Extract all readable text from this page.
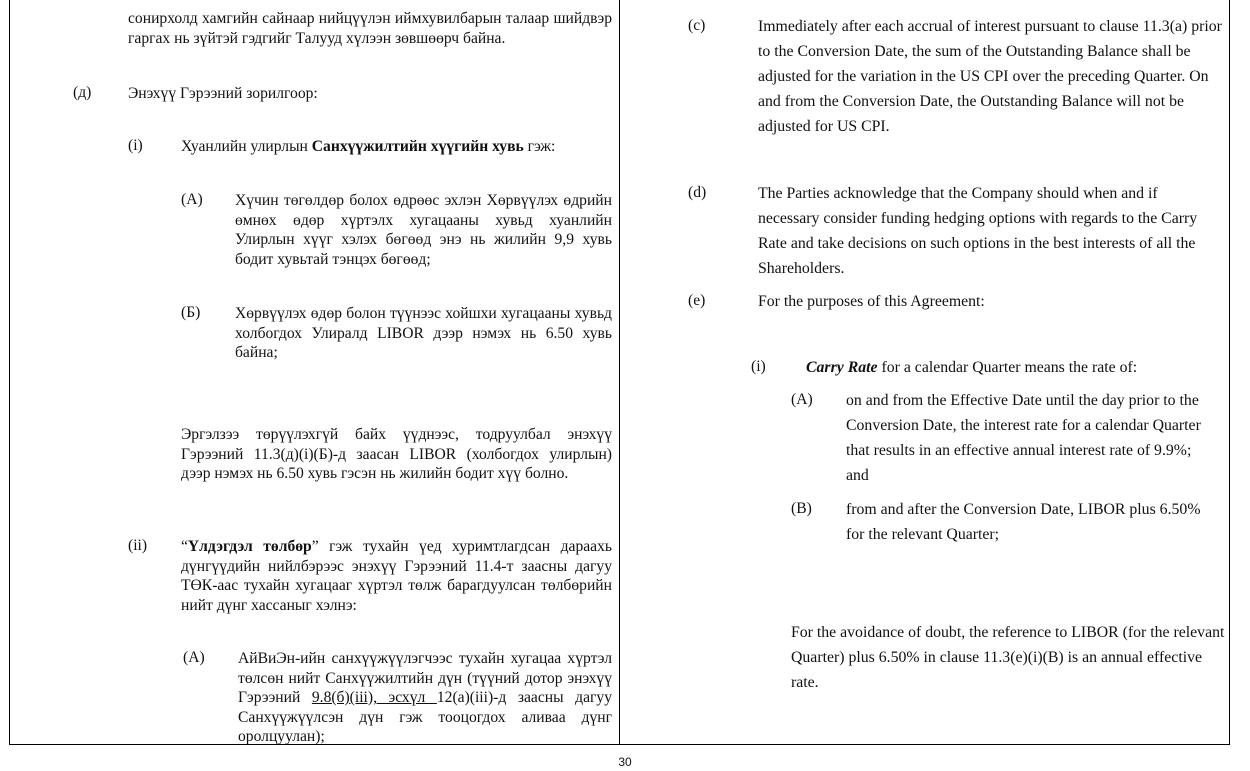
сонирхолд хамгийн сайнаар нийцүүлэн иймхувилбарын талаар шийдвэр гаргах нь зүйтэй гэдгийг Талууд хүлээн зөвшөөрч байна.
(д) Энэхүү Гэрээний зорилгоор:
(i) Хуанлийн улирлын Санхүүжилтийн хүүгийн хувь гэж:
(A) Хүчин төгөлдөр болох өдрөөс эхлэн Хөрвүүлэх өдрийн өмнөх өдөр хүртэлх хугацааны хувьд хуанлийн Улирлын хүүг хэлэх бөгөөд энэ нь жилийн 9,9 хувь бодит хувьтай тэнцэх бөгөөд;
(Б) Хөрвүүлэх өдөр болон түүнээс хойшхи хугацааны хувьд холбогдох Улиралд LIBOR дээр нэмэх нь 6.50 хувь байна;
Эргэлзээ төрүүлэхгүй байх үүднээс, тодруулбал энэхүү Гэрээний 11.3(д)(i)(Б)-д заасан LIBOR (холбогдох улирлын) дээр нэмэх нь 6.50 хувь гэсэн нь жилийн бодит хүү болно.
(ii) “Үлдэгдэл төлбөр” гэж тухайн үед хуримтлагдсан дараахь дүнгүүдийн нийлбэрээс энэхүү Гэрээний 11.4-т заасны дагуу ТӨК-аас тухайн хугацааг хүртэл төлж барагдуулсан төлбөрийн нийт дүнг хассаныг хэлнэ:
(A) АйВиЭн-ийн санхүүжүүлэгчээс тухайн хугацаа хүртэл төлсөн нийт Санхүүжилтийн дүн (түүний дотор энэхүү Гэрээний 9.8(б)(iii), эсхүл 12(а)(iii)-д заасны дагуу Санхүүжүүлсэн дүн гэж тооцогдох аливаа дүнг оролцуулан);
(c)	Immediately after each accrual of interest pursuant to clause 11.3(a) prior to the Conversion Date, the sum of the Outstanding Balance shall be adjusted for the variation in the US CPI over the preceding Quarter. On and from the Conversion Date, the Outstanding Balance will not be adjusted for US CPI.
(d)	The Parties acknowledge that the Company should when and if necessary consider funding hedging options with regards to the Carry Rate and take decisions on such options in the best interests of all the Shareholders.
(e)	For the purposes of this Agreement:
(i)	Carry Rate for a calendar Quarter means the rate of:
(A) on and from the Effective Date until the day prior to the Conversion Date, the interest rate for a calendar Quarter that results in an effective annual interest rate of 9.9%; and
(B) from and after the Conversion Date, LIBOR plus 6.50% for the relevant Quarter;
For the avoidance of doubt, the reference to LIBOR (for the relevant Quarter) plus 6.50% in clause 11.3(e)(i)(B) is an annual effective rate.
30
